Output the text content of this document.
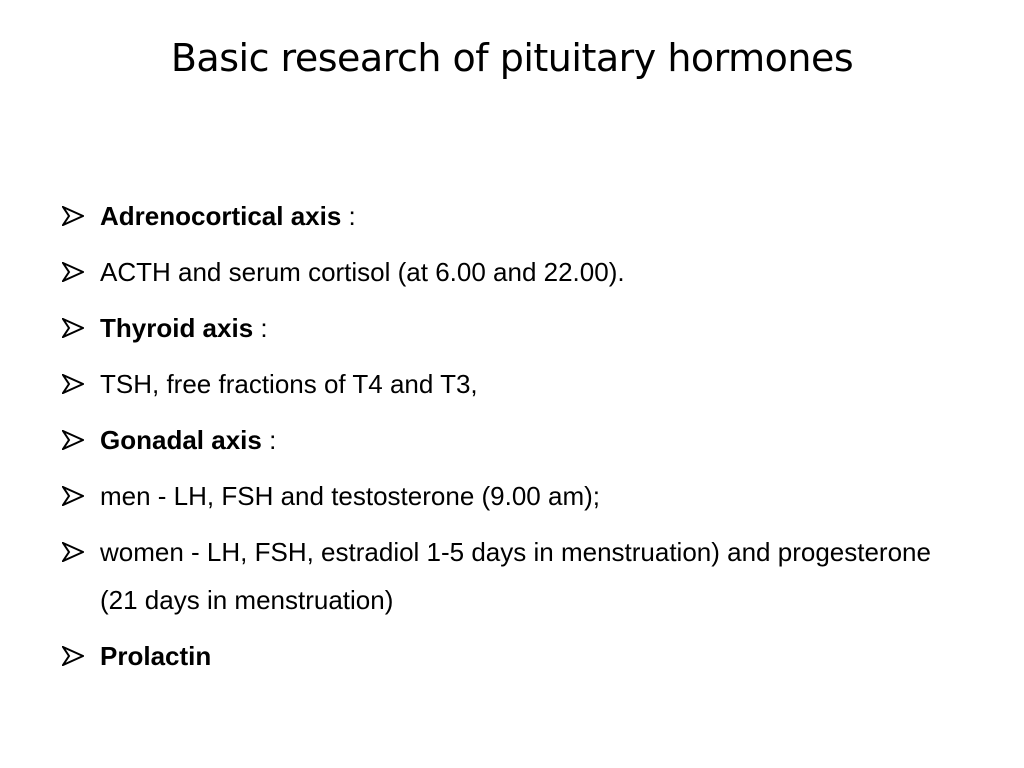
Basic research of pituitary hormones
Adrenocortical axis :
ACTH and serum cortisol (at 6.00 and 22.00).
Thyroid axis :
TSH, free fractions of T4 and T3,
Gonadal axis :
men - LH, FSH and testosterone (9.00 am);
women - LH, FSH, estradiol 1-5 days in menstruation) and progesterone (21 days in menstruation)
Prolactin
